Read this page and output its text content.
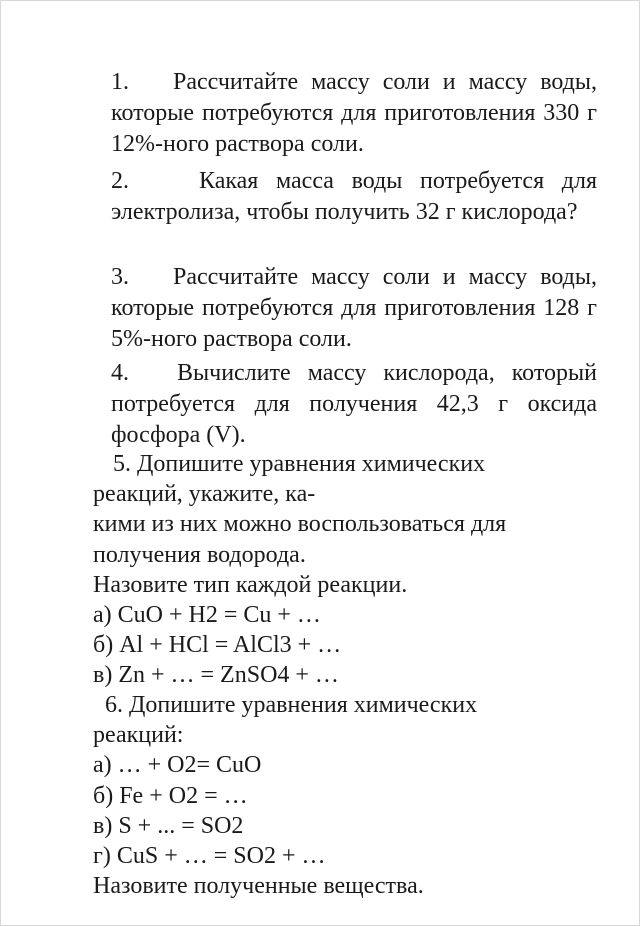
1. Рассчитайте массу соли и массу воды, которые потребуются для приготовления 330 г 12%-ного раствора соли.
2.	Какая масса воды потребуется для электролиза, чтобы получить 32 г кислорода?
3. Рассчитайте массу соли и массу воды, которые потребуются для приготовления 128 г 5%-ного раствора соли.
4. Вычислите массу кислорода, который потребуется для получения 42,3 г оксида фосфора (V).
5. Допишите уравнения химических
реакций, укажите, ка-
кими из них можно воспользоваться для
получения водорода.
Назовите тип каждой реакции.
а) CuO + H2 = Cu + …
б) Al + HCl = AlCl3 + …
в) Zn + … = ZnSO4 + …
6. Допишите уравнения химических
реакций:
а) … + O2= CuO
б) Fe + O2 = …
в) S + ... = SO2
г) CuS + … = SO2 + …
Назовите полученные вещества.
